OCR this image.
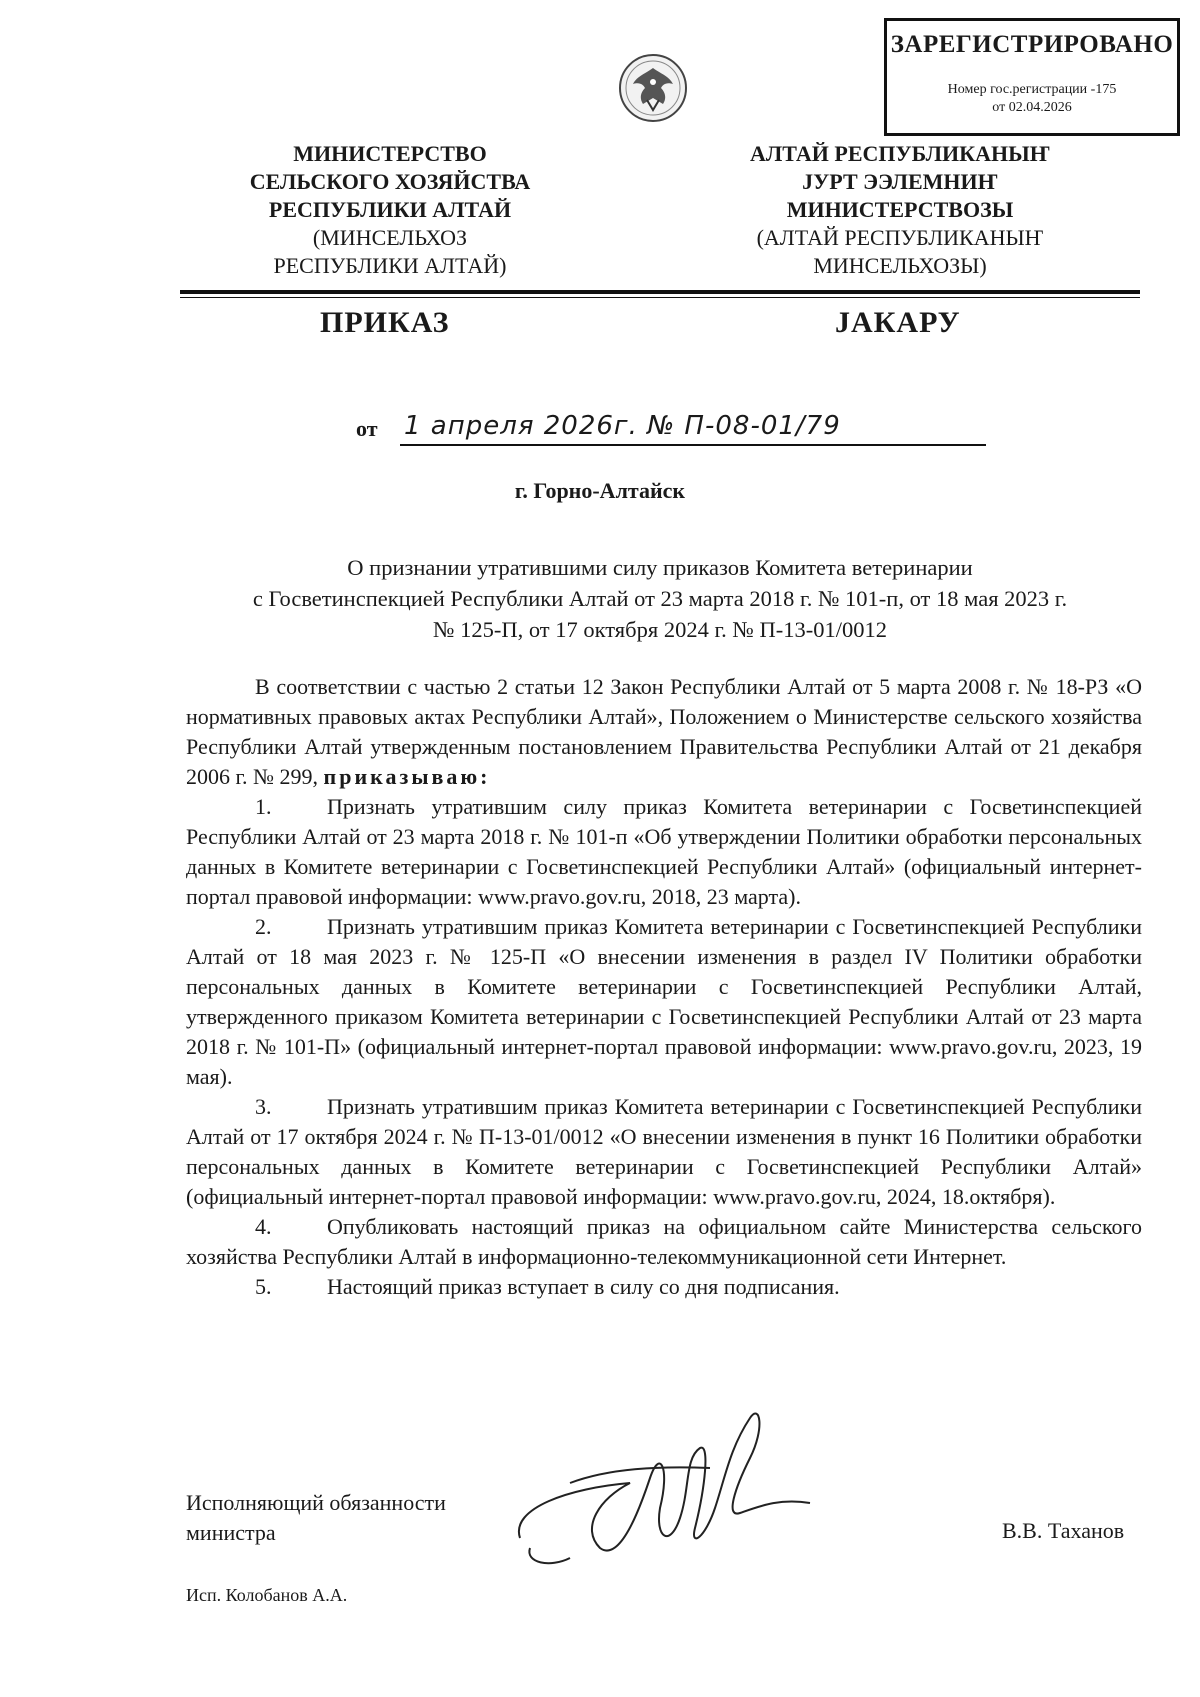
ЗАРЕГИСТРИРОВАНО
Номер гос.регистрации -175
от 02.04.2026
МИНИСТЕРСТВО
СЕЛЬСКОГО ХОЗЯЙСТВА
РЕСПУБЛИКИ АЛТАЙ
(МИНСЕЛЬХОЗ
РЕСПУБЛИКИ АЛТАЙ)
АЛТАЙ РЕСПУБЛИКАНЫҤ
ЈУРТ ЭЭЛЕМНИҤ
МИНИСТЕРСТВОЗЫ
(АЛТАЙ РЕСПУБЛИКАНЫҤ
МИНСЕЛЬХОЗЫ)
ПРИКАЗ	ЈАКАРУ
от 1 апреля 2026г. № П-08-01/79
г. Горно-Алтайск
О признании утратившими силу приказов Комитета ветеринарии
с Госветинспекцией Республики Алтай от 23 марта 2018 г. № 101-п, от 18 мая 2023 г.
№ 125-П, от 17 октября 2024 г. № П-13-01/0012

В соответствии с частью 2 статьи 12 Закон Республики Алтай от 5 марта 2008 г. № 18-РЗ «О нормативных правовых актах Республики Алтай», Положением о Министерстве сельского хозяйства Республики Алтай утвержденным постановлением Правительства Республики Алтай от 21 декабря 2006 г. № 299, приказываю:

1.	Признать утратившим силу приказ Комитета ветеринарии с Госветинспекцией Республики Алтай от 23 марта 2018 г. № 101-п «Об утверждении Политики обработки персональных данных в Комитете ветеринарии с Госветинспекцией Республики Алтай» (официальный интернет-портал правовой информации: www.pravo.gov.ru, 2018, 23 марта).

2.	Признать утратившим приказ Комитета ветеринарии с Госветинспекцией Республики Алтай от 18 мая 2023 г. № 125-П «О внесении изменения в раздел IV Политики обработки персональных данных в Комитете ветеринарии с Госветинспекцией Республики Алтай, утвержденного приказом Комитета ветеринарии с Госветинспекцией Республики Алтай от 23 марта 2018 г. № 101-П» (официальный интернет-портал правовой информации: www.pravo.gov.ru, 2023, 19 мая).

3.	Признать утратившим приказ Комитета ветеринарии с Госветинспекцией Республики Алтай от 17 октября 2024 г. № П-13-01/0012 «О внесении изменения в пункт 16 Политики обработки персональных данных в Комитете ветеринарии с Госветинспекцией Республики Алтай» (официальный интернет-портал правовой информации: www.pravo.gov.ru, 2024, 18.октября).

4.	Опубликовать настоящий приказ на официальном сайте Министерства сельского хозяйства Республики Алтай в информационно-телекоммуникационной сети Интернет.

5.	Настоящий приказ вступает в силу со дня подписания.

Исполняющий обязанности
министра	В.В. Таханов
Исп. Колобанов А.А.
